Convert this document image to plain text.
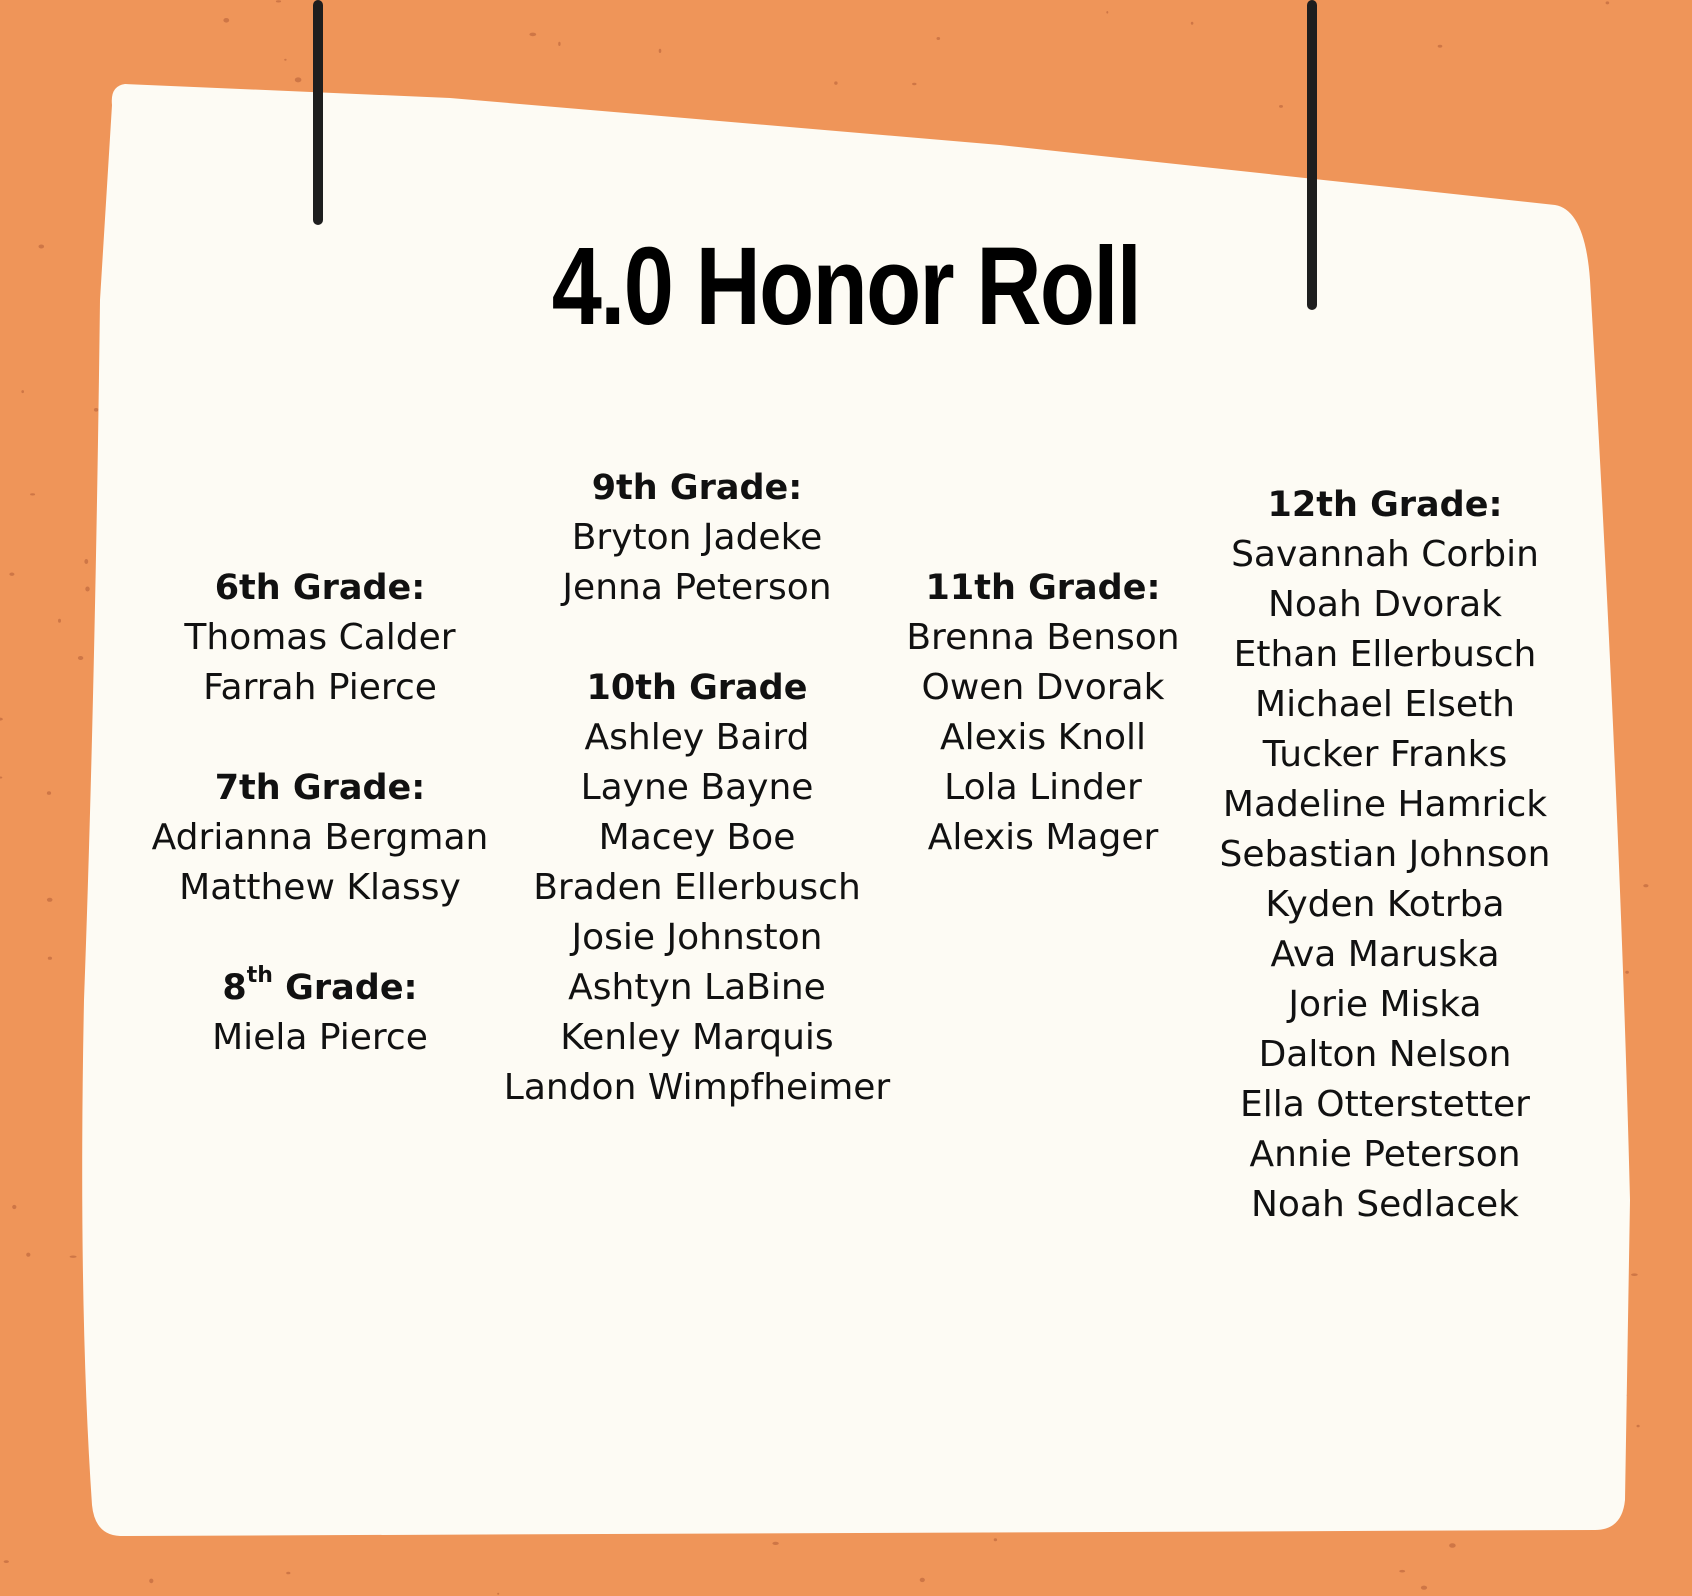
4.0 Honor Roll
6th Grade:
Thomas Calder
Farrah Pierce
7th Grade:
Adrianna Bergman
Matthew Klassy
8th Grade:
Miela Pierce
9th Grade:
Bryton Jadeke
Jenna Peterson
10th Grade
Ashley Baird
Layne Bayne
Macey Boe
Braden Ellerbusch
Josie Johnston
Ashtyn LaBine
Kenley Marquis
Landon Wimpfheimer
11th Grade:
Brenna Benson
Owen Dvorak
Alexis Knoll
Lola Linder
Alexis Mager
12th Grade:
Savannah Corbin
Noah Dvorak
Ethan Ellerbusch
Michael Elseth
Tucker Franks
Madeline Hamrick
Sebastian Johnson
Kyden Kotrba
Ava Maruska
Jorie Miska
Dalton Nelson
Ella Otterstetter
Annie Peterson
Noah Sedlacek
